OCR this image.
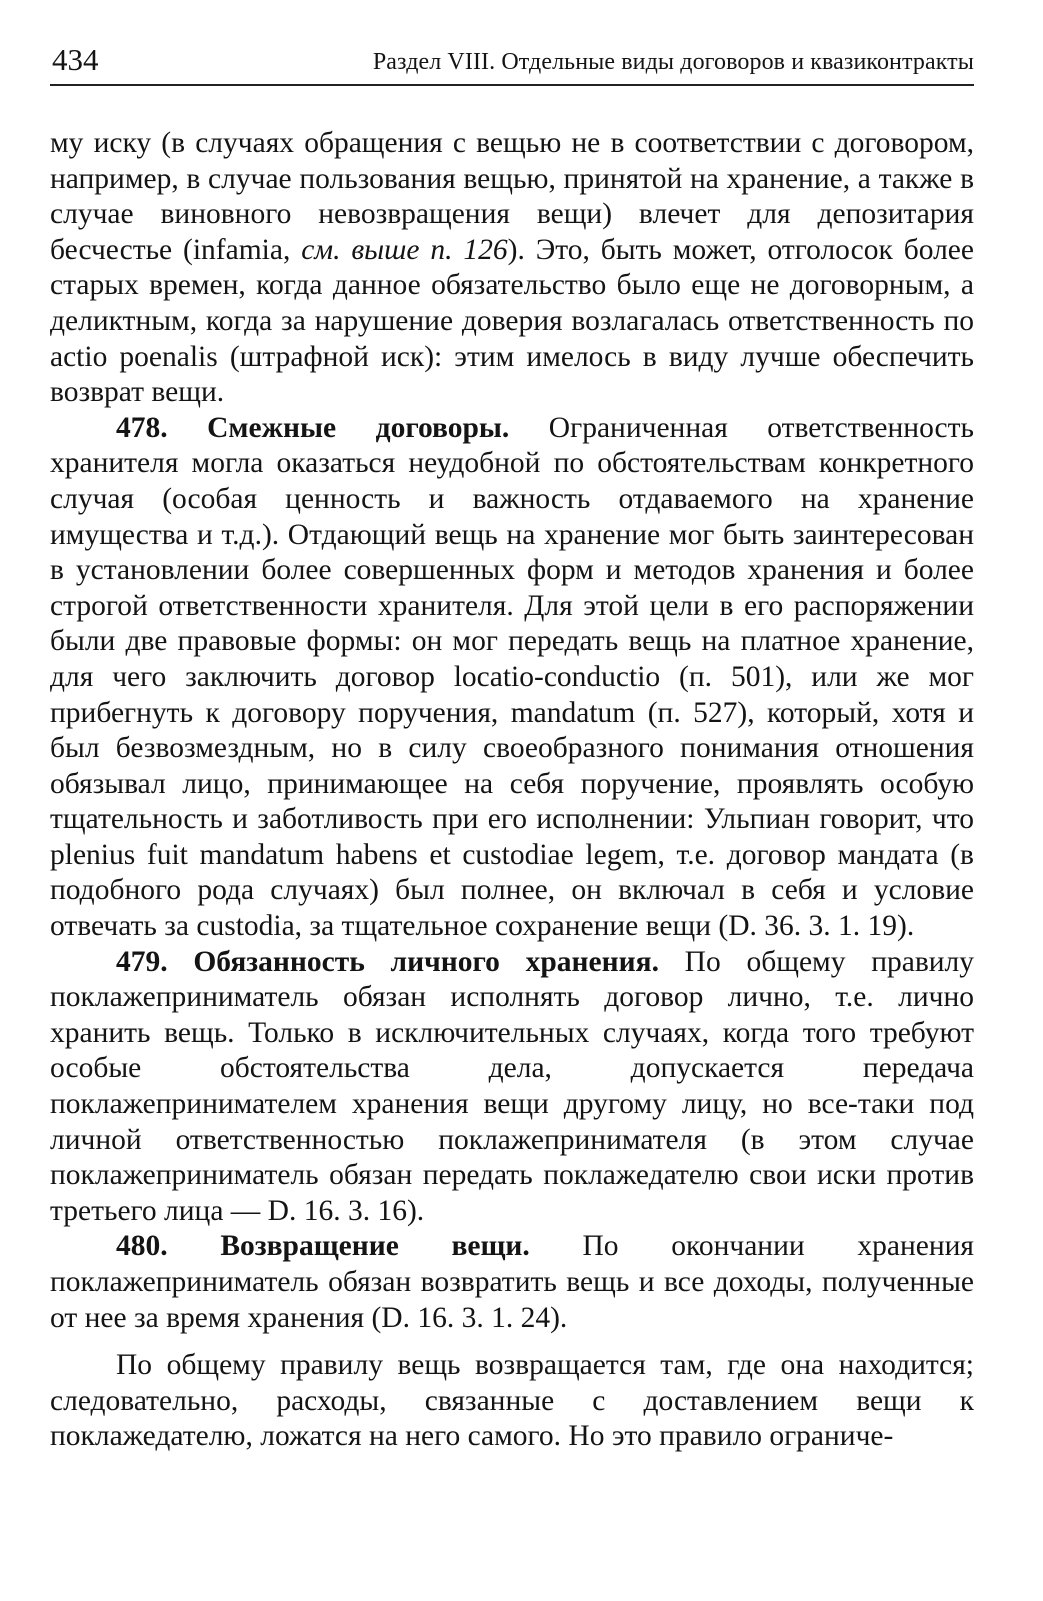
434	Раздел VIII. Отдельные виды договоров и квазиконтракты

му иску (в случаях обращения с вещью не в соответствии с договором, например, в случае пользования вещью, принятой на хранение, а также в случае виновного невозвращения вещи) влечет для депозитария бесчестье (infamia, см. выше п. 126). Это, быть может, отголосок более старых времен, когда данное обязательство было еще не договорным, а деликтным, когда за нарушение доверия возлагалась ответственность по actio poenalis (штрафной иск): этим имелось в виду лучше обеспечить возврат вещи.

478. Смежные договоры. Ограниченная ответственность хранителя могла оказаться неудобной по обстоятельствам конкретного случая (особая ценность и важность отдаваемого на хранение имущества и т.д.). Отдающий вещь на хранение мог быть заинтересован в установлении более совершенных форм и методов хранения и более строгой ответственности хранителя. Для этой цели в его распоряжении были две правовые формы: он мог передать вещь на платное хранение, для чего заключить договор locatio-conductio (п. 501), или же мог прибегнуть к договору поручения, mandatum (п. 527), который, хотя и был безвозмездным, но в силу своеобразного понимания отношения обязывал лицо, принимающее на себя поручение, проявлять особую тщательность и заботливость при его исполнении: Ульпиан говорит, что plenius fuit mandatum habens et custodiae legem, т.е. договор мандата (в подобного рода случаях) был полнее, он включал в себя и условие отвечать за custodia, за тщательное сохранение вещи (D. 36. 3. 1. 19).

479. Обязанность личного хранения. По общему правилу поклажеприниматель обязан исполнять договор лично, т.е. лично хранить вещь. Только в исключительных случаях, когда того требуют особые обстоятельства дела, допускается передача поклажепринимателем хранения вещи другому лицу, но все-таки под личной ответственностью поклажепринимателя (в этом случае поклажеприниматель обязан передать поклажедателю свои иски против третьего лица — D. 16. 3. 16).

480. Возвращение вещи. По окончании хранения поклажеприниматель обязан возвратить вещь и все доходы, полученные от нее за время хранения (D. 16. 3. 1. 24).

По общему правилу вещь возвращается там, где она находится; следовательно, расходы, связанные с доставлением вещи к поклажедателю, ложатся на него самого. Но это правило ограниче-
